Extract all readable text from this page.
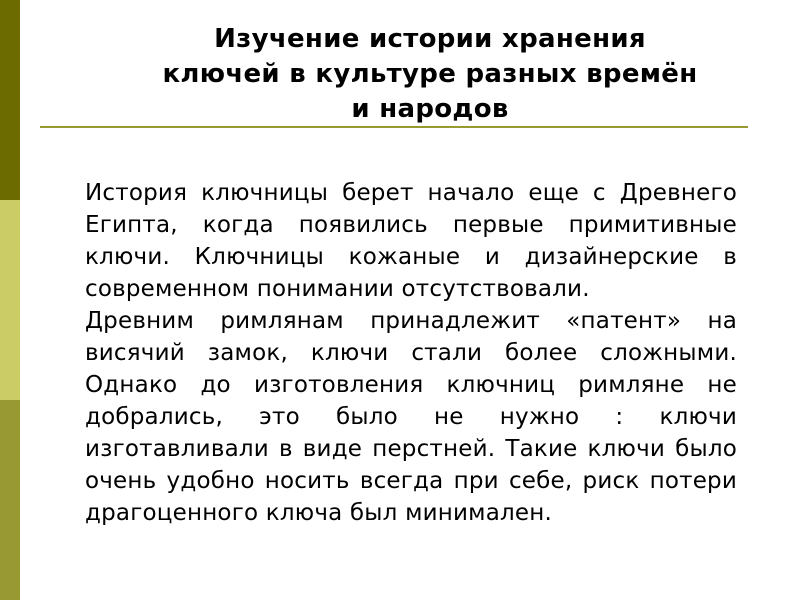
Изучение истории хранения
ключей в культуре разных времён
и народов

История ключницы берет начало еще с Древнего Египта, когда появились первые примитивные ключи. Ключницы кожаные и дизайнерские в современном понимании отсутствовали.

Древним римлянам принадлежит «патент» на висячий замок, ключи стали более сложными. Однако до изготовления ключниц римляне не добрались, это было не нужно : ключи изготавливали в виде перстней. Такие ключи было очень удобно носить всегда при себе, риск потери драгоценного ключа был минимален.
